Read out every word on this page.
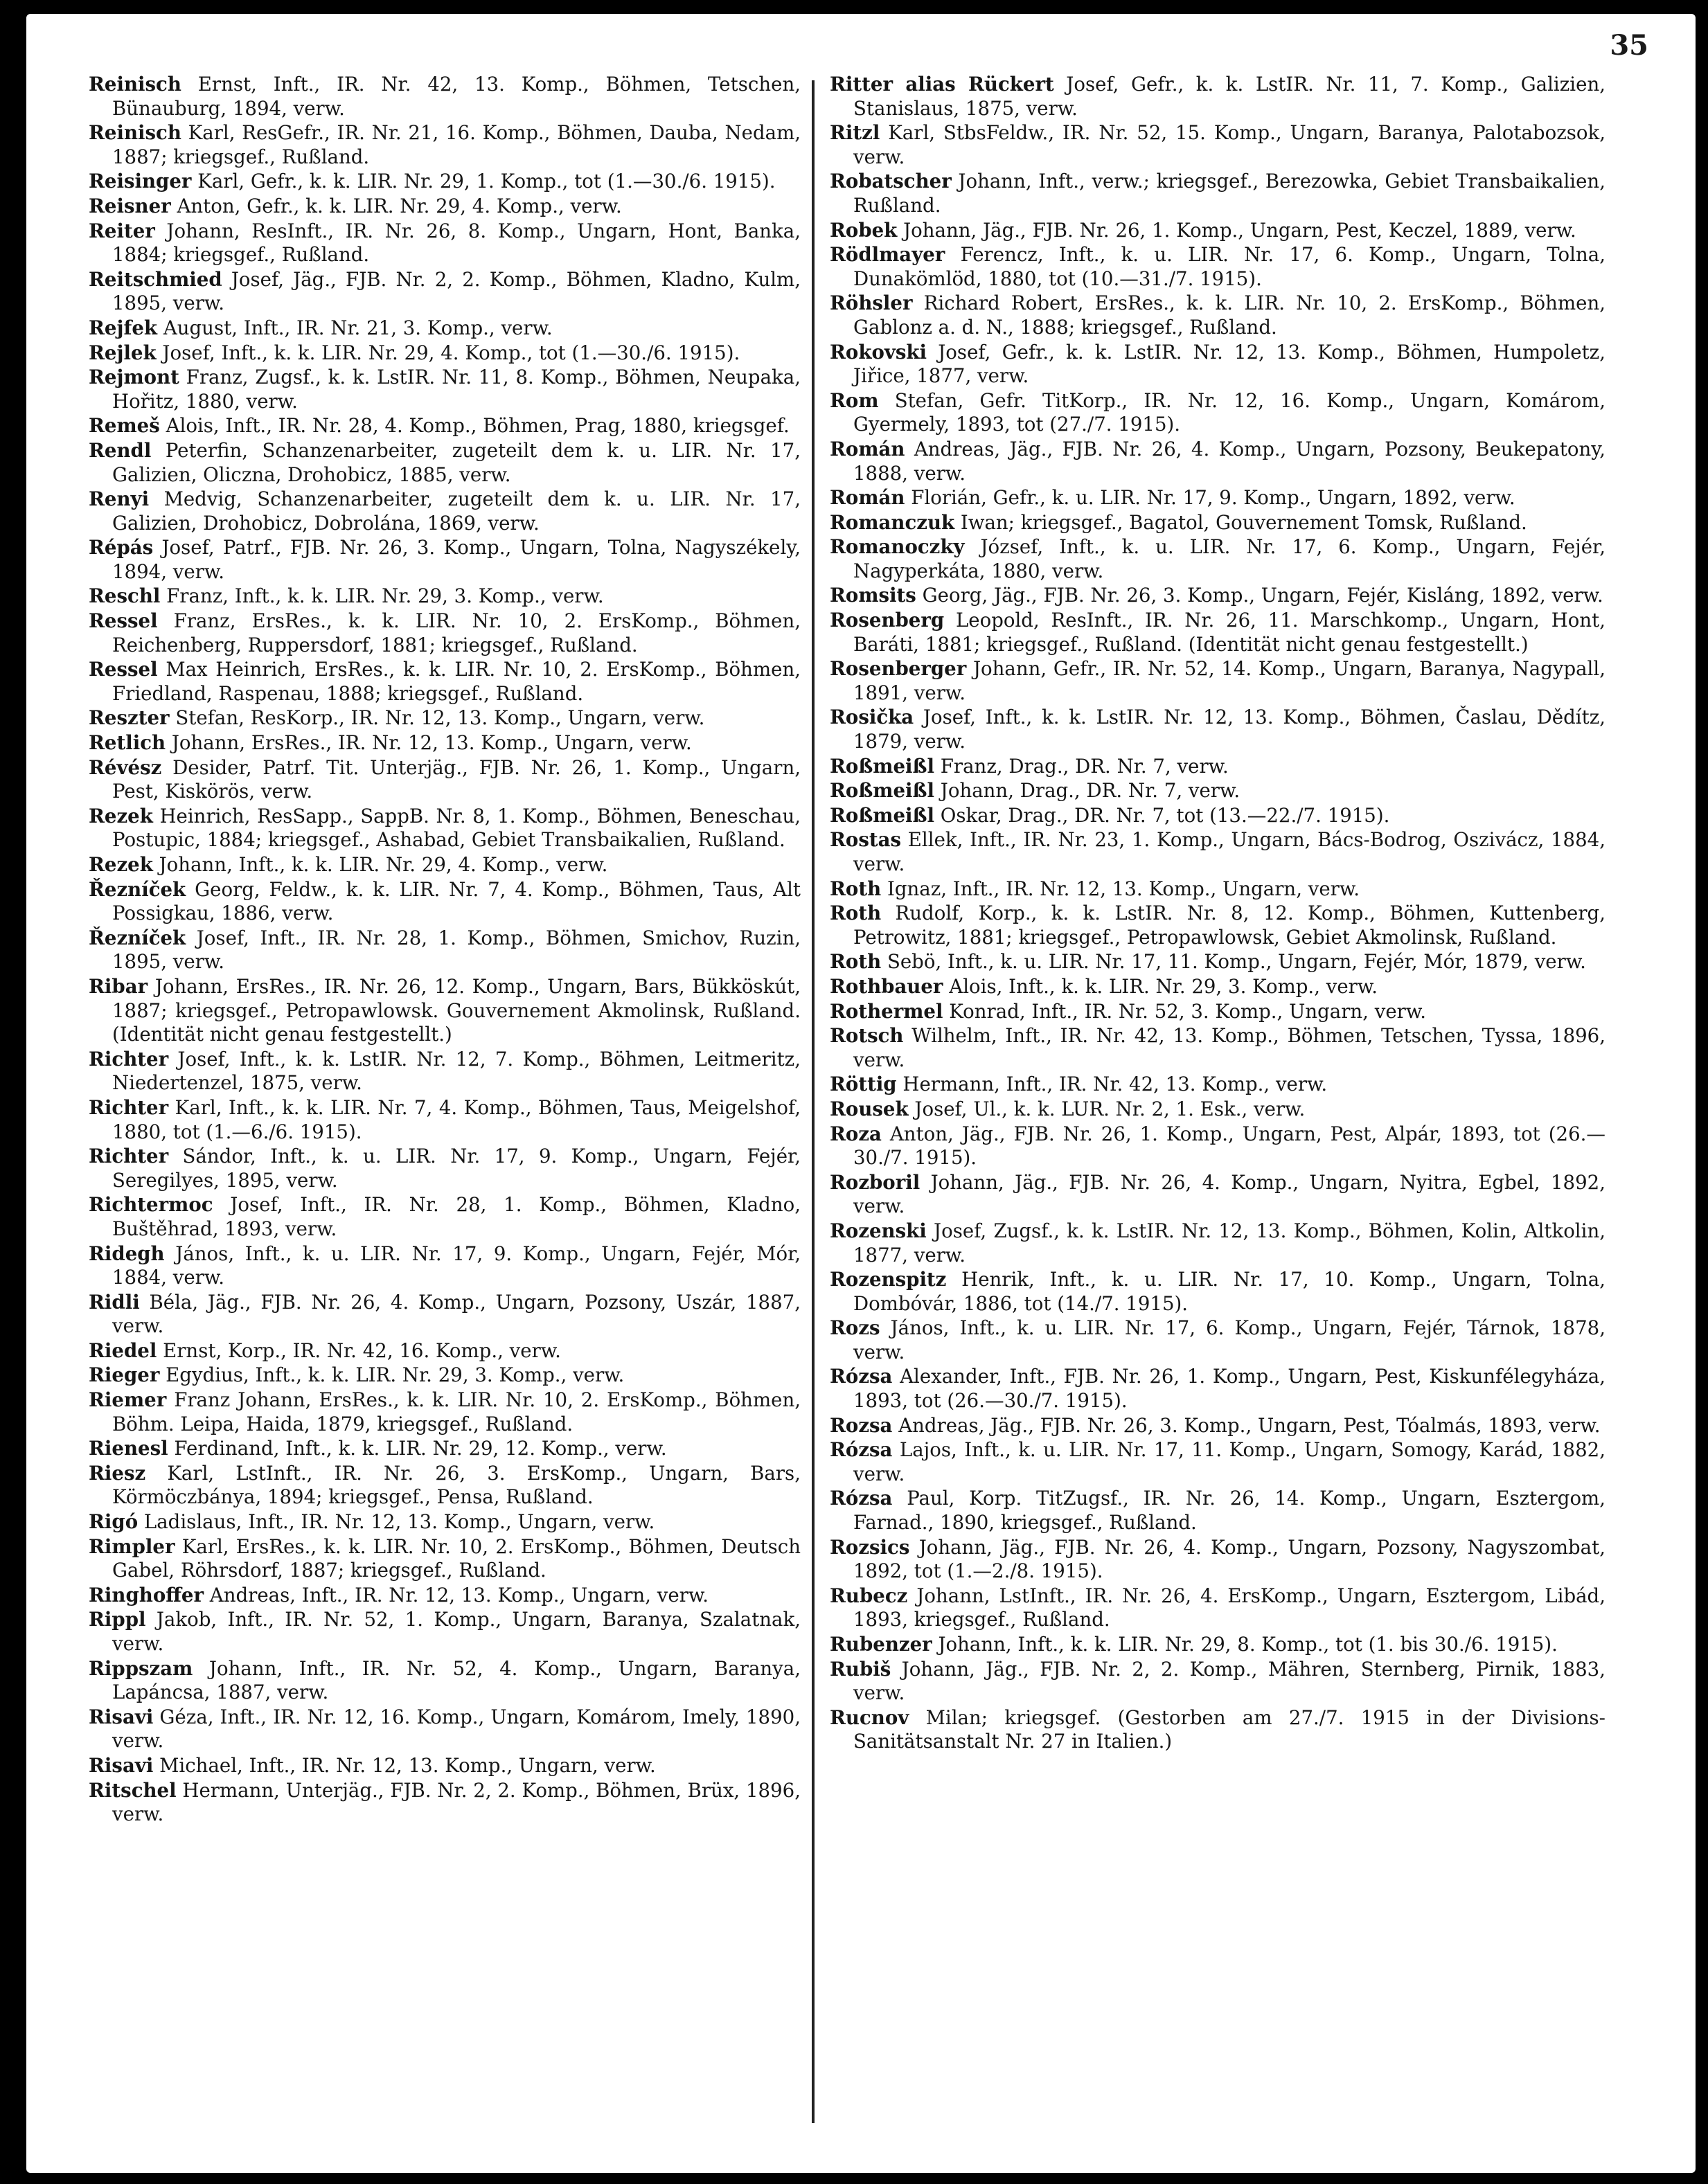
35

Reinisch Ernst, Inft., IR. Nr. 42, 13. Komp., Böhmen, Tetschen, Bünauburg, 1894, verw.

Reinisch Karl, ResGefr., IR. Nr. 21, 16. Komp., Böhmen, Dauba, Nedam, 1887; kriegsgef., Rußland.

Reisinger Karl, Gefr., k. k. LIR. Nr. 29, 1. Komp., tot (1.—30./6. 1915).

Reisner Anton, Gefr., k. k. LIR. Nr. 29, 4. Komp., verw.

Reiter Johann, ResInft., IR. Nr. 26, 8. Komp., Ungarn, Hont, Banka, 1884; kriegsgef., Rußland.

Reitschmied Josef, Jäg., FJB. Nr. 2, 2. Komp., Böhmen, Kladno, Kulm, 1895, verw.

Rejfek August, Inft., IR. Nr. 21, 3. Komp., verw.

Rejlek Josef, Inft., k. k. LIR. Nr. 29, 4. Komp., tot (1.—30./6. 1915).

Rejmont Franz, Zugsf., k. k. LstIR. Nr. 11, 8. Komp., Böhmen, Neupaka, Hořitz, 1880, verw.

Remeš Alois, Inft., IR. Nr. 28, 4. Komp., Böhmen, Prag, 1880, kriegsgef.

Rendl Peterfin, Schanzenarbeiter, zugeteilt dem k. u. LIR. Nr. 17, Galizien, Oliczna, Drohobicz, 1885, verw.

Renyi Medvig, Schanzenarbeiter, zugeteilt dem k. u. LIR. Nr. 17, Galizien, Drohobicz, Dobrolána, 1869, verw.

Répás Josef, Patrf., FJB. Nr. 26, 3. Komp., Ungarn, Tolna, Nagyszékely, 1894, verw.

Reschl Franz, Inft., k. k. LIR. Nr. 29, 3. Komp., verw.

Ressel Franz, ErsRes., k. k. LIR. Nr. 10, 2. ErsKomp., Böhmen, Reichenberg, Ruppersdorf, 1881; kriegsgef., Rußland.

Ressel Max Heinrich, ErsRes., k. k. LIR. Nr. 10, 2. ErsKomp., Böhmen, Friedland, Raspenau, 1888; kriegsgef., Rußland.

Reszter Stefan, ResKorp., IR. Nr. 12, 13. Komp., Ungarn, verw.

Retlich Johann, ErsRes., IR. Nr. 12, 13. Komp., Ungarn, verw.

Révész Desider, Patrf. Tit. Unterjäg., FJB. Nr. 26, 1. Komp., Ungarn, Pest, Kiskörös, verw.

Rezek Heinrich, ResSapp., SappB. Nr. 8, 1. Komp., Böhmen, Beneschau, Postupic, 1884; kriegsgef., Ashabad, Gebiet Transbaikalien, Rußland.

Rezek Johann, Inft., k. k. LIR. Nr. 29, 4. Komp., verw.

Řezníček Georg, Feldw., k. k. LIR. Nr. 7, 4. Komp., Böhmen, Taus, Alt Possigkau, 1886, verw.

Řezníček Josef, Inft., IR. Nr. 28, 1. Komp., Böhmen, Smichov, Ruzin, 1895, verw.

Ribar Johann, ErsRes., IR. Nr. 26, 12. Komp., Ungarn, Bars, Bükköskút, 1887; kriegsgef., Petropawlowsk. Gouvernement Akmolinsk, Rußland. (Identität nicht genau festgestellt.)

Richter Josef, Inft., k. k. LstIR. Nr. 12, 7. Komp., Böhmen, Leitmeritz, Niedertenzel, 1875, verw.

Richter Karl, Inft., k. k. LIR. Nr. 7, 4. Komp., Böhmen, Taus, Meigelshof, 1880, tot (1.—6./6. 1915).

Richter Sándor, Inft., k. u. LIR. Nr. 17, 9. Komp., Ungarn, Fejér, Seregilyes, 1895, verw.

Richtermoc Josef, Inft., IR. Nr. 28, 1. Komp., Böhmen, Kladno, Buštěhrad, 1893, verw.

Ridegh János, Inft., k. u. LIR. Nr. 17, 9. Komp., Ungarn, Fejér, Mór, 1884, verw.

Ridli Béla, Jäg., FJB. Nr. 26, 4. Komp., Ungarn, Pozsony, Uszár, 1887, verw.

Riedel Ernst, Korp., IR. Nr. 42, 16. Komp., verw.

Rieger Egydius, Inft., k. k. LIR. Nr. 29, 3. Komp., verw.

Riemer Franz Johann, ErsRes., k. k. LIR. Nr. 10, 2. ErsKomp., Böhmen, Böhm. Leipa, Haida, 1879, kriegsgef., Rußland.

Rienesl Ferdinand, Inft., k. k. LIR. Nr. 29, 12. Komp., verw.

Riesz Karl, LstInft., IR. Nr. 26, 3. ErsKomp., Ungarn, Bars, Körmöczbánya, 1894; kriegsgef., Pensa, Rußland.

Rigó Ladislaus, Inft., IR. Nr. 12, 13. Komp., Ungarn, verw.

Rimpler Karl, ErsRes., k. k. LIR. Nr. 10, 2. ErsKomp., Böhmen, Deutsch Gabel, Röhrsdorf, 1887; kriegsgef., Rußland.

Ringhoffer Andreas, Inft., IR. Nr. 12, 13. Komp., Ungarn, verw.

Rippl Jakob, Inft., IR. Nr. 52, 1. Komp., Ungarn, Baranya, Szalatnak, verw.

Rippszam Johann, Inft., IR. Nr. 52, 4. Komp., Ungarn, Baranya, Lapáncsa, 1887, verw.

Risavi Géza, Inft., IR. Nr. 12, 16. Komp., Ungarn, Komárom, Imely, 1890, verw.

Risavi Michael, Inft., IR. Nr. 12, 13. Komp., Ungarn, verw.

Ritschel Hermann, Unterjäg., FJB. Nr. 2, 2. Komp., Böhmen, Brüx, 1896, verw.

Ritter alias Rückert Josef, Gefr., k. k. LstIR. Nr. 11, 7. Komp., Galizien, Stanislaus, 1875, verw.

Ritzl Karl, StbsFeldw., IR. Nr. 52, 15. Komp., Ungarn, Baranya, Palotabozsok, verw.

Robatscher Johann, Inft., verw.; kriegsgef., Berezowka, Gebiet Transbaikalien, Rußland.

Robek Johann, Jäg., FJB. Nr. 26, 1. Komp., Ungarn, Pest, Keczel, 1889, verw.

Rödlmayer Ferencz, Inft., k. u. LIR. Nr. 17, 6. Komp., Ungarn, Tolna, Dunakömlöd, 1880, tot (10.—31./7. 1915).

Röhsler Richard Robert, ErsRes., k. k. LIR. Nr. 10, 2. ErsKomp., Böhmen, Gablonz a. d. N., 1888; kriegsgef., Rußland.

Rokovski Josef, Gefr., k. k. LstIR. Nr. 12, 13. Komp., Böhmen, Humpoletz, Jiřice, 1877, verw.

Rom Stefan, Gefr. TitKorp., IR. Nr. 12, 16. Komp., Ungarn, Komárom, Gyermely, 1893, tot (27./7. 1915).

Román Andreas, Jäg., FJB. Nr. 26, 4. Komp., Ungarn, Pozsony, Beukepatony, 1888, verw.

Román Florián, Gefr., k. u. LIR. Nr. 17, 9. Komp., Ungarn, 1892, verw.

Romanczuk Iwan; kriegsgef., Bagatol, Gouvernement Tomsk, Rußland.

Romanoczky József, Inft., k. u. LIR. Nr. 17, 6. Komp., Ungarn, Fejér, Nagyperkáta, 1880, verw.

Romsits Georg, Jäg., FJB. Nr. 26, 3. Komp., Ungarn, Fejér, Kisláng, 1892, verw.

Rosenberg Leopold, ResInft., IR. Nr. 26, 11. Marschkomp., Ungarn, Hont, Baráti, 1881; kriegsgef., Rußland. (Identität nicht genau festgestellt.)

Rosenberger Johann, Gefr., IR. Nr. 52, 14. Komp., Ungarn, Baranya, Nagypall, 1891, verw.

Rosička Josef, Inft., k. k. LstIR. Nr. 12, 13. Komp., Böhmen, Časlau, Dědítz, 1879, verw.

Roßmeißl Franz, Drag., DR. Nr. 7, verw.

Roßmeißl Johann, Drag., DR. Nr. 7, verw.

Roßmeißl Oskar, Drag., DR. Nr. 7, tot (13.—22./7. 1915).

Rostas Ellek, Inft., IR. Nr. 23, 1. Komp., Ungarn, Bács-Bodrog, Oszivácz, 1884, verw.

Roth Ignaz, Inft., IR. Nr. 12, 13. Komp., Ungarn, verw.

Roth Rudolf, Korp., k. k. LstIR. Nr. 8, 12. Komp., Böhmen, Kuttenberg, Petrowitz, 1881; kriegsgef., Petropawlowsk, Gebiet Akmolinsk, Rußland.

Roth Sebö, Inft., k. u. LIR. Nr. 17, 11. Komp., Ungarn, Fejér, Mór, 1879, verw.

Rothbauer Alois, Inft., k. k. LIR. Nr. 29, 3. Komp., verw.

Rothermel Konrad, Inft., IR. Nr. 52, 3. Komp., Ungarn, verw.

Rotsch Wilhelm, Inft., IR. Nr. 42, 13. Komp., Böhmen, Tetschen, Tyssa, 1896, verw.

Röttig Hermann, Inft., IR. Nr. 42, 13. Komp., verw.

Rousek Josef, Ul., k. k. LUR. Nr. 2, 1. Esk., verw.

Roza Anton, Jäg., FJB. Nr. 26, 1. Komp., Ungarn, Pest, Alpár, 1893, tot (26.—30./7. 1915).

Rozboril Johann, Jäg., FJB. Nr. 26, 4. Komp., Ungarn, Nyitra, Egbel, 1892, verw.

Rozenski Josef, Zugsf., k. k. LstIR. Nr. 12, 13. Komp., Böhmen, Kolin, Altkolin, 1877, verw.

Rozenspitz Henrik, Inft., k. u. LIR. Nr. 17, 10. Komp., Ungarn, Tolna, Dombóvár, 1886, tot (14./7. 1915).

Rozs János, Inft., k. u. LIR. Nr. 17, 6. Komp., Ungarn, Fejér, Tárnok, 1878, verw.

Rózsa Alexander, Inft., FJB. Nr. 26, 1. Komp., Ungarn, Pest, Kiskunfélegyháza, 1893, tot (26.—30./7. 1915).

Rozsa Andreas, Jäg., FJB. Nr. 26, 3. Komp., Ungarn, Pest, Tóalmás, 1893, verw.

Rózsa Lajos, Inft., k. u. LIR. Nr. 17, 11. Komp., Ungarn, Somogy, Karád, 1882, verw.

Rózsa Paul, Korp. TitZugsf., IR. Nr. 26, 14. Komp., Ungarn, Esztergom, Farnad., 1890, kriegsgef., Rußland.

Rozsics Johann, Jäg., FJB. Nr. 26, 4. Komp., Ungarn, Pozsony, Nagyszombat, 1892, tot (1.—2./8. 1915).

Rubecz Johann, LstInft., IR. Nr. 26, 4. ErsKomp., Ungarn, Esztergom, Libád, 1893, kriegsgef., Rußland.

Rubenzer Johann, Inft., k. k. LIR. Nr. 29, 8. Komp., tot (1. bis 30./6. 1915).

Rubiš Johann, Jäg., FJB. Nr. 2, 2. Komp., Mähren, Sternberg, Pirnik, 1883, verw.

Rucnov Milan; kriegsgef. (Gestorben am 27./7. 1915 in der Divisions-Sanitätsanstalt Nr. 27 in Italien.)
